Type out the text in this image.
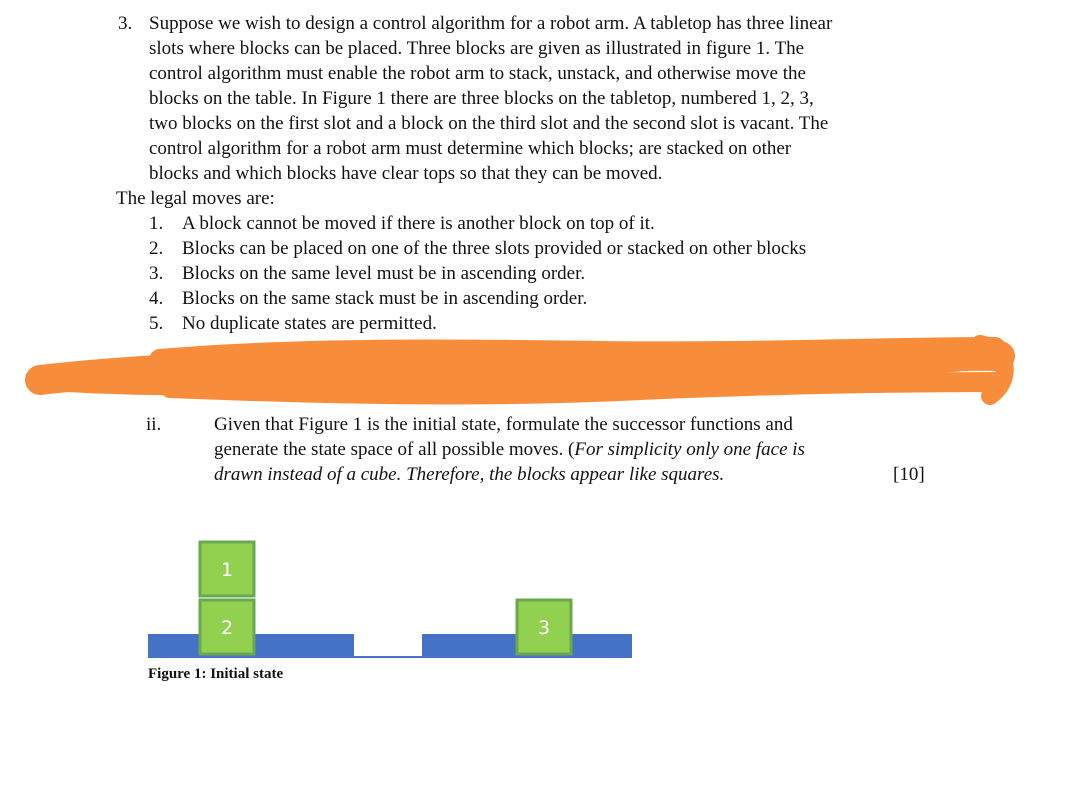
3. Suppose we wish to design a control algorithm for a robot arm. A tabletop has three linear
slots where blocks can be placed. Three blocks are given as illustrated in figure 1. The
control algorithm must enable the robot arm to stack, unstack, and otherwise move the
blocks on the table. In Figure 1 there are three blocks on the tabletop, numbered 1, 2, 3,
two blocks on the first slot and a block on the third slot and the second slot is vacant. The
control algorithm for a robot arm must determine which blocks; are stacked on other
blocks and which blocks have clear tops so that they can be moved.
The legal moves are:
1. A block cannot be moved if there is another block on top of it.
2. Blocks can be placed on one of the three slots provided or stacked on other blocks
3. Blocks on the same level must be in ascending order.
4. Blocks on the same stack must be in ascending order.
5. No duplicate states are permitted.
ii.	Given that Figure 1 is the initial state, formulate the successor functions and
generate the state space of all possible moves. (For simplicity only one face is
drawn instead of a cube. Therefore, the blocks appear like squares.	[10]
1
2	3
Figure 1: Initial state
